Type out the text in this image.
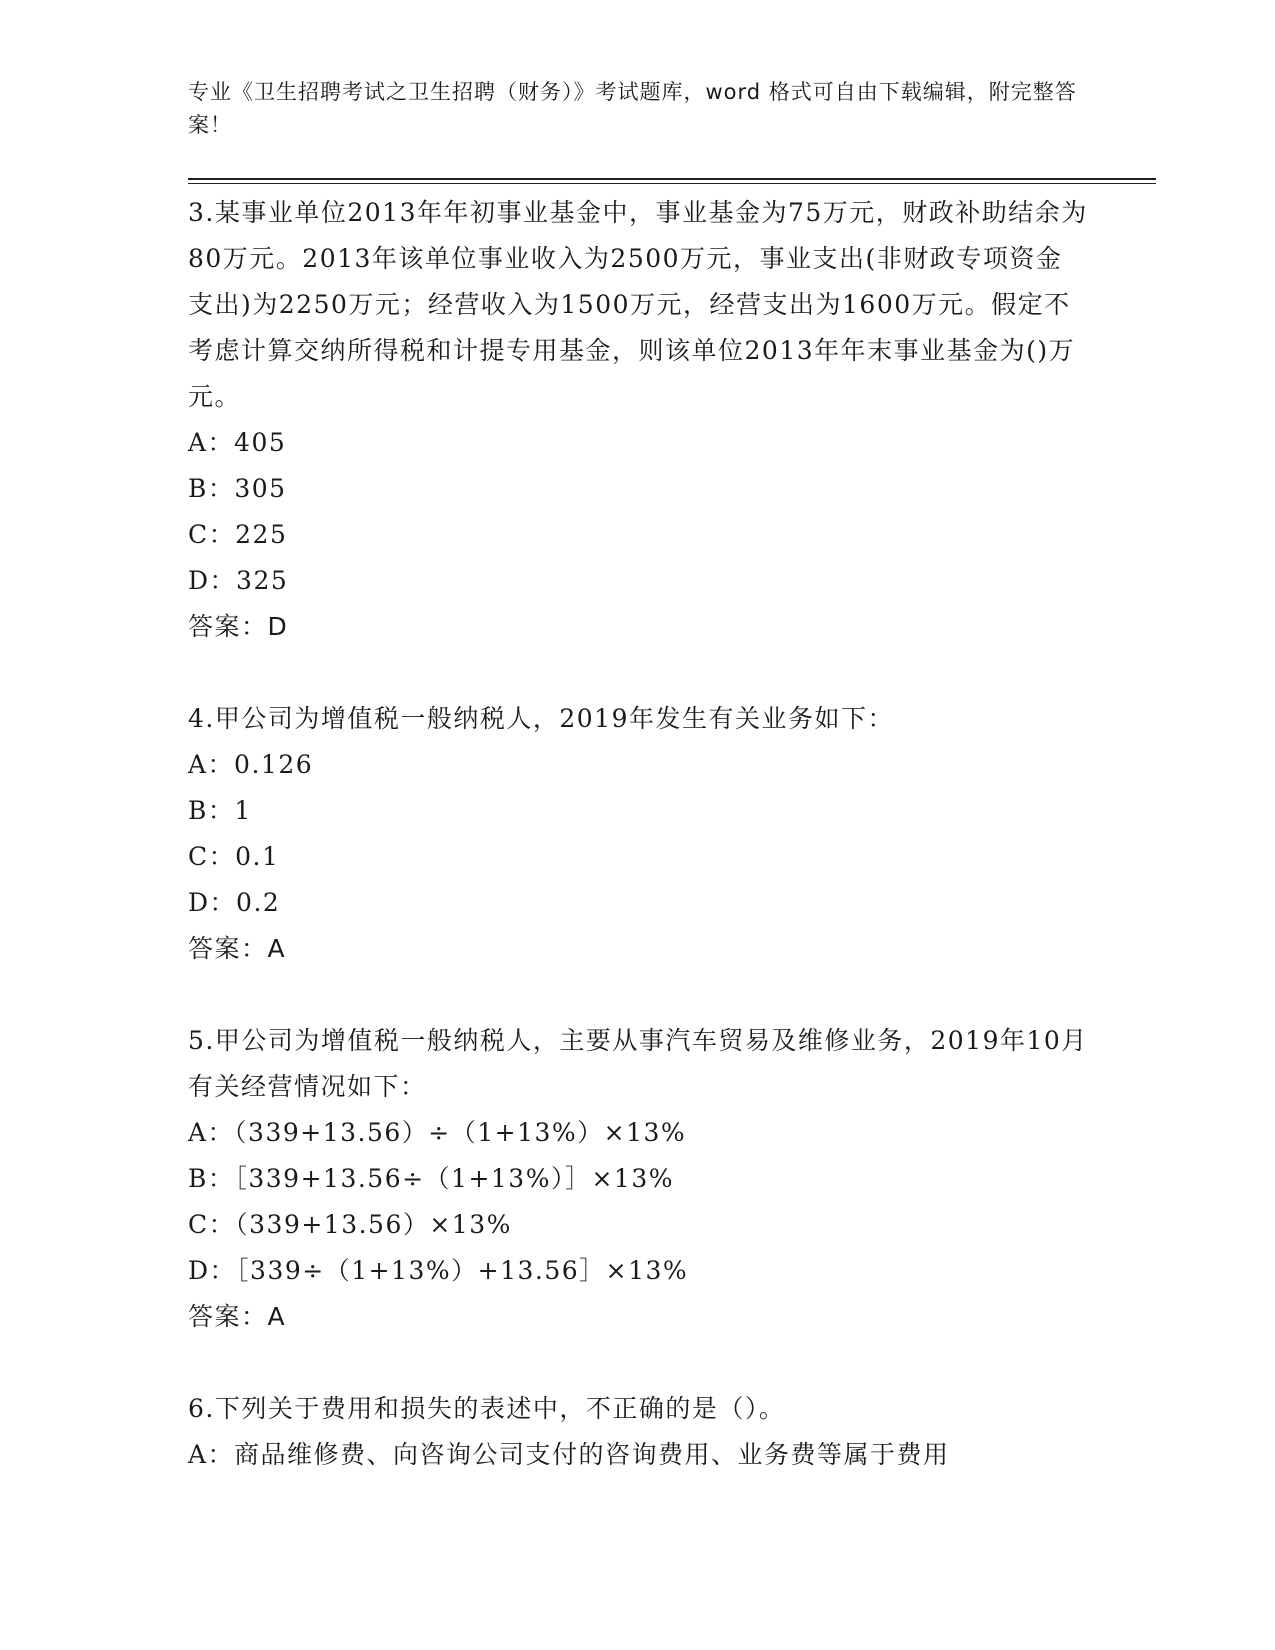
专业《卫生招聘考试之卫生招聘（财务）》考试题库，word 格式可自由下载编辑，附完整答案！
3.某事业单位2013年年初事业基金中，事业基金为75万元，财政补助结余为80万元。2013年该单位事业收入为2500万元，事业支出(非财政专项资金支出)为2250万元；经营收入为1500万元，经营支出为1600万元。假定不考虑计算交纳所得税和计提专用基金，则该单位2013年年末事业基金为()万元。
A：405
B：305
C：225
D：325
答案：D
4.甲公司为增值税一般纳税人，2019年发生有关业务如下：
A：0.126
B：1
C：0.1
D：0.2
答案：A
5.甲公司为增值税一般纳税人，主要从事汽车贸易及维修业务，2019年10月有关经营情况如下：
A：（339+13.56）÷（1+13%）×13%
B：［339+13.56÷（1+13%）］×13%
C：（339+13.56）×13%
D：［339÷（1+13%）+13.56］×13%
答案：A
6.下列关于费用和损失的表述中，不正确的是（）。
A：商品维修费、向咨询公司支付的咨询费用、业务费等属于费用
